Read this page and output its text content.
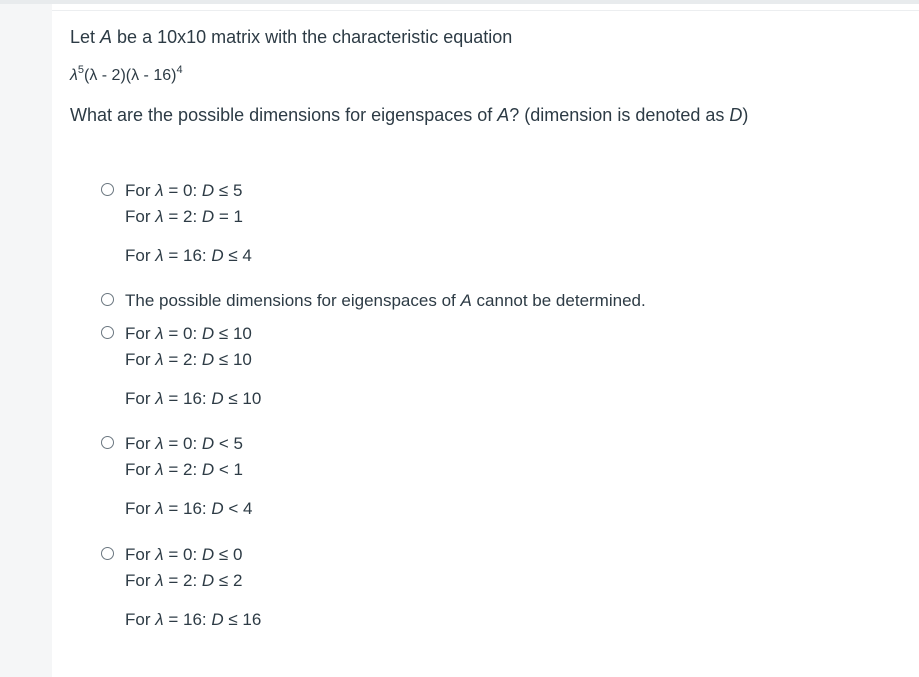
Let A be a 10x10 matrix with the characteristic equation

$\lambda^5(\lambda - 2)(\lambda - 16)^4$

What are the possible dimensions for eigenspaces of A? (dimension is denoted as D)

For λ = 0: D ≤ 5
For λ = 2: D = 1
For λ = 16: D ≤ 4
The possible dimensions for eigenspaces of A cannot be determined.
For λ = 0: D ≤ 10
For λ = 2: D ≤ 10
For λ = 16: D ≤ 10
For λ = 0: D < 5
For λ = 2: D < 1
For λ = 16: D < 4
For λ = 0: D ≤ 0
For λ = 2: D ≤ 2
For λ = 16: D ≤ 16
